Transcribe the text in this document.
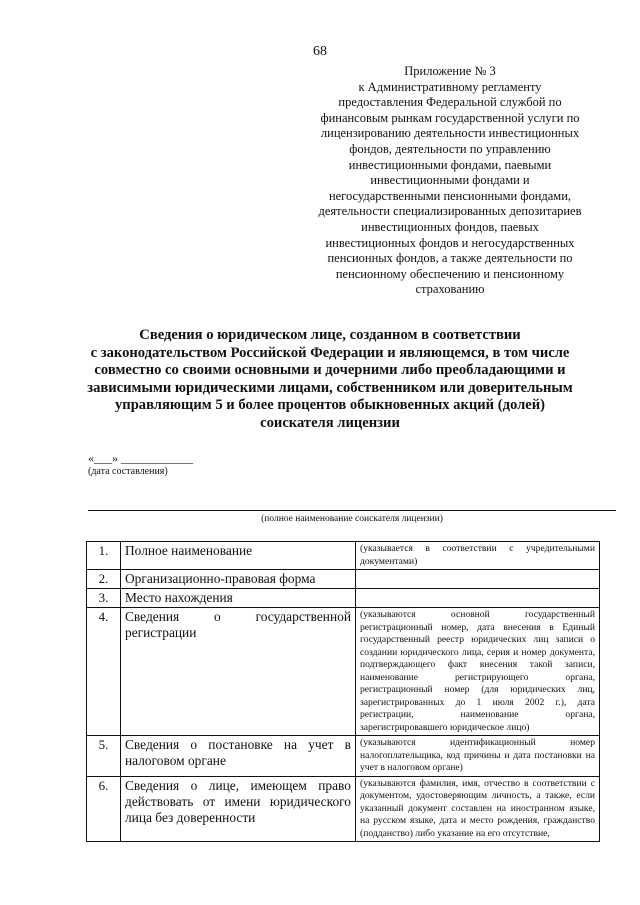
68
Приложение № 3
к Административному регламенту
предоставления Федеральной службой по
финансовым рынкам государственной услуги по
лицензированию деятельности инвестиционных
фондов, деятельности по управлению
инвестиционными фондами, паевыми
инвестиционными фондами и
негосударственными пенсионными фондами,
деятельности специализированных депозитариев
инвестиционных фондов, паевых
инвестиционных фондов и негосударственных
пенсионных фондов, а также деятельности по
пенсионному обеспечению и пенсионному
страхованию
Сведения о юридическом лице, созданном в соответствии
с законодательством Российской Федерации и являющемся, в том числе
совместно со своими основными и дочерними либо преобладающими и
зависимыми юридическими лицами, собственником или доверительным
управляющим 5 и более процентов обыкновенных акций (долей)
соискателя лицензии
«___» ____________
(дата составления)
(полное наименование соискателя лицензии)
1.	Полное наименование	(указывается в соответствии с учредительными документами)
2.	Организационно-правовая форма	
3.	Место нахождения	
4.	Сведения о государственной регистрации	(указываются основной государственный регистрационный номер, дата внесения в Единый государственный реестр юридических лиц записи о создании юридического лица, серия и номер документа, подтверждающего факт внесения такой записи, наименование регистрирующего органа, регистрационный номер (для юридических лиц, зарегистрированных до 1 июля 2002 г.), дата регистрации, наименование органа, зарегистрировавшего юридическое лицо)
5.	Сведения о постановке на учет в налоговом органе	(указываются идентификационный номер налогоплательщика, код причины и дата постановки на учет в налоговом органе)
6.	Сведения о лице, имеющем право действовать от имени юридического лица без доверенности	(указываются фамилия, имя, отчество в соответствии с документом, удостоверяющим личность, а также, если указанный документ составлен на иностранном языке, на русском языке, дата и место рождения, гражданство (подданство) либо указание на его отсутствие,
